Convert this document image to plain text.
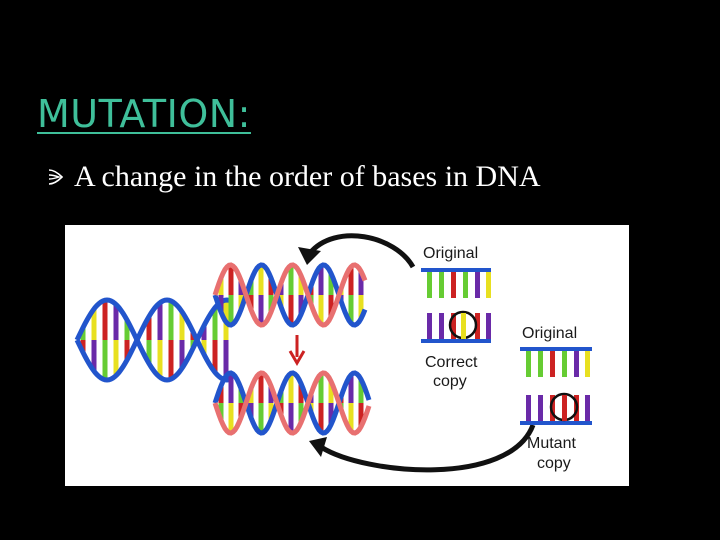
MUTATION:
A change in the order of bases in DNA
Original
Correct
copy
Original
Mutant
copy
